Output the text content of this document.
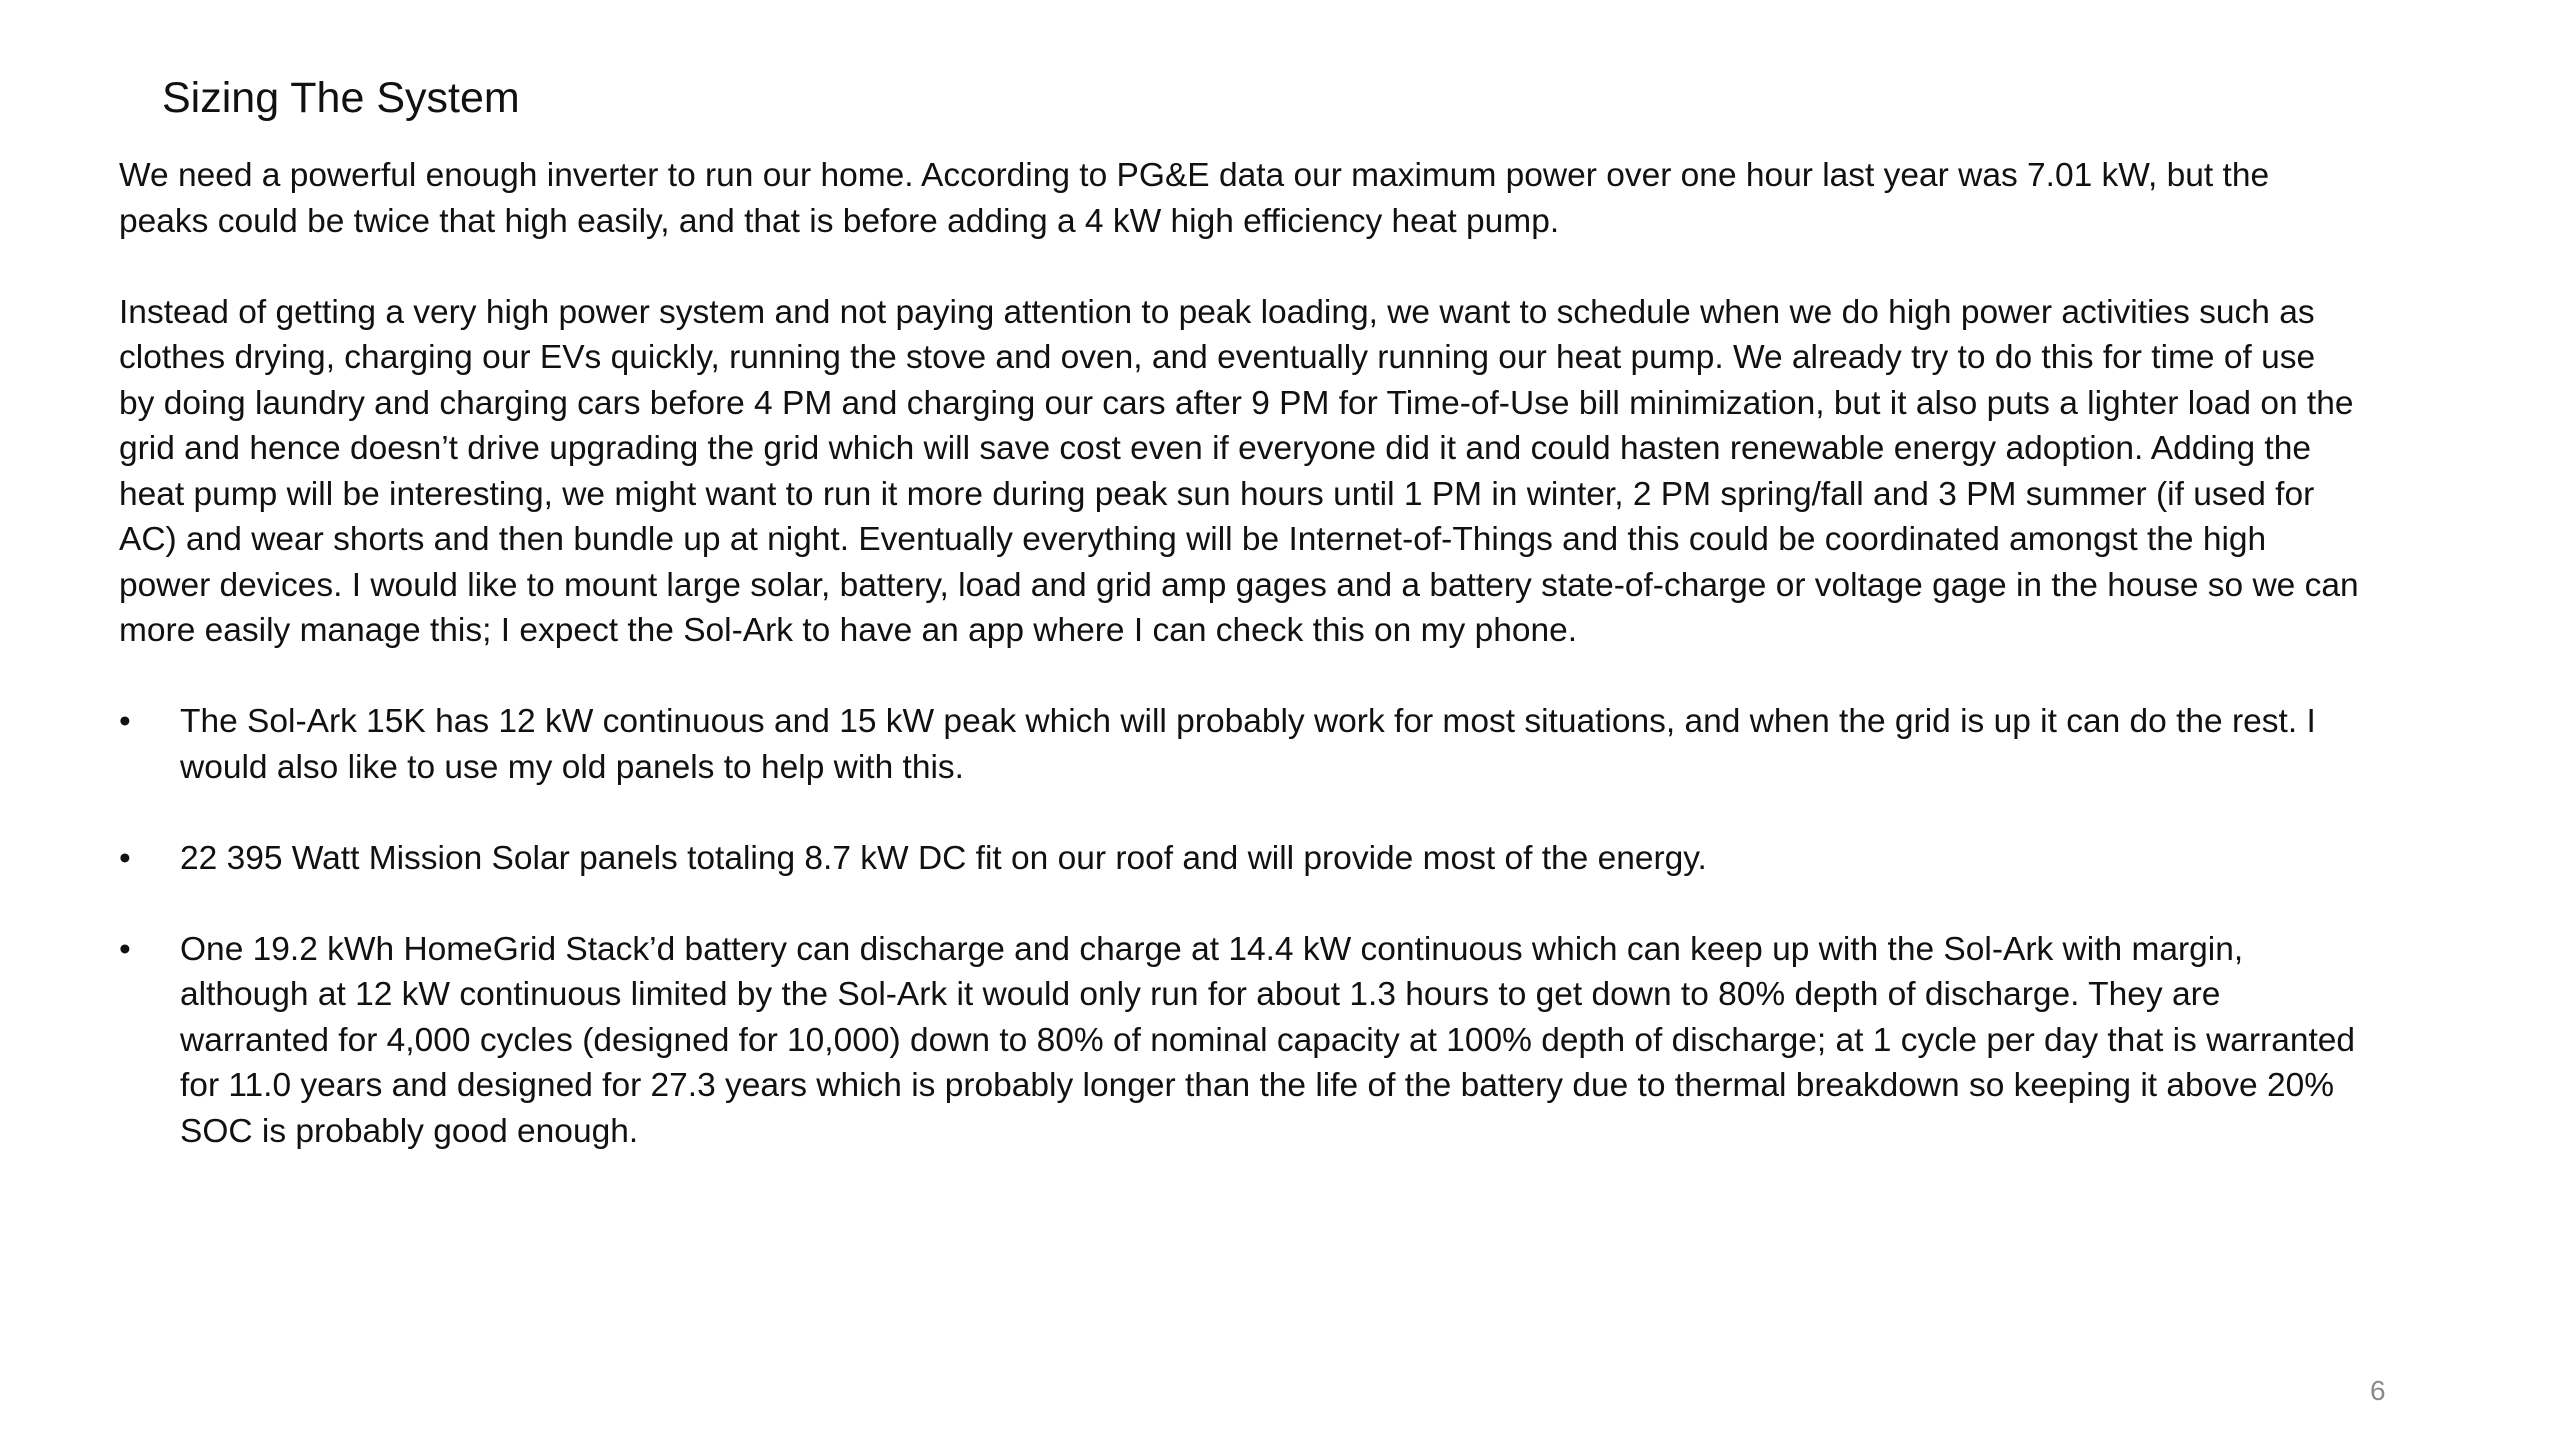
Sizing The System

We need a powerful enough inverter to run our home. According to PG&E data our maximum power over one hour last year was 7.01 kW, but the peaks could be twice that high easily, and that is before adding a 4 kW high efficiency heat pump.

Instead of getting a very high power system and not paying attention to peak loading, we want to schedule when we do high power activities such as clothes drying, charging our EVs quickly, running the stove and oven, and eventually running our heat pump. We already try to do this for time of use by doing laundry and charging cars before 4 PM and charging our cars after 9 PM for Time-of-Use bill minimization, but it also puts a lighter load on the grid and hence doesn’t drive upgrading the grid which will save cost even if everyone did it and could hasten renewable energy adoption. Adding the heat pump will be interesting, we might want to run it more during peak sun hours until 1 PM in winter, 2 PM spring/fall and 3 PM summer (if used for AC) and wear shorts and then bundle up at night. Eventually everything will be Internet-of-Things and this could be coordinated amongst the high power devices. I would like to mount large solar, battery, load and grid amp gages and a battery state-of-charge or voltage gage in the house so we can more easily manage this; I expect the Sol-Ark to have an app where I can check this on my phone.

•	The Sol-Ark 15K has 12 kW continuous and 15 kW peak which will probably work for most situations, and when the grid is up it can do the rest. I would also like to use my old panels to help with this.
•	22 395 Watt Mission Solar panels totaling 8.7 kW DC fit on our roof and will provide most of the energy.
•	One 19.2 kWh HomeGrid Stack’d battery can discharge and charge at 14.4 kW continuous which can keep up with the Sol-Ark with margin, although at 12 kW continuous limited by the Sol-Ark it would only run for about 1.3 hours to get down to 80% depth of discharge. They are warranted for 4,000 cycles (designed for 10,000) down to 80% of nominal capacity at 100% depth of discharge; at 1 cycle per day that is warranted for 11.0 years and designed for 27.3 years which is probably longer than the life of the battery due to thermal breakdown so keeping it above 20% SOC is probably good enough.
6
